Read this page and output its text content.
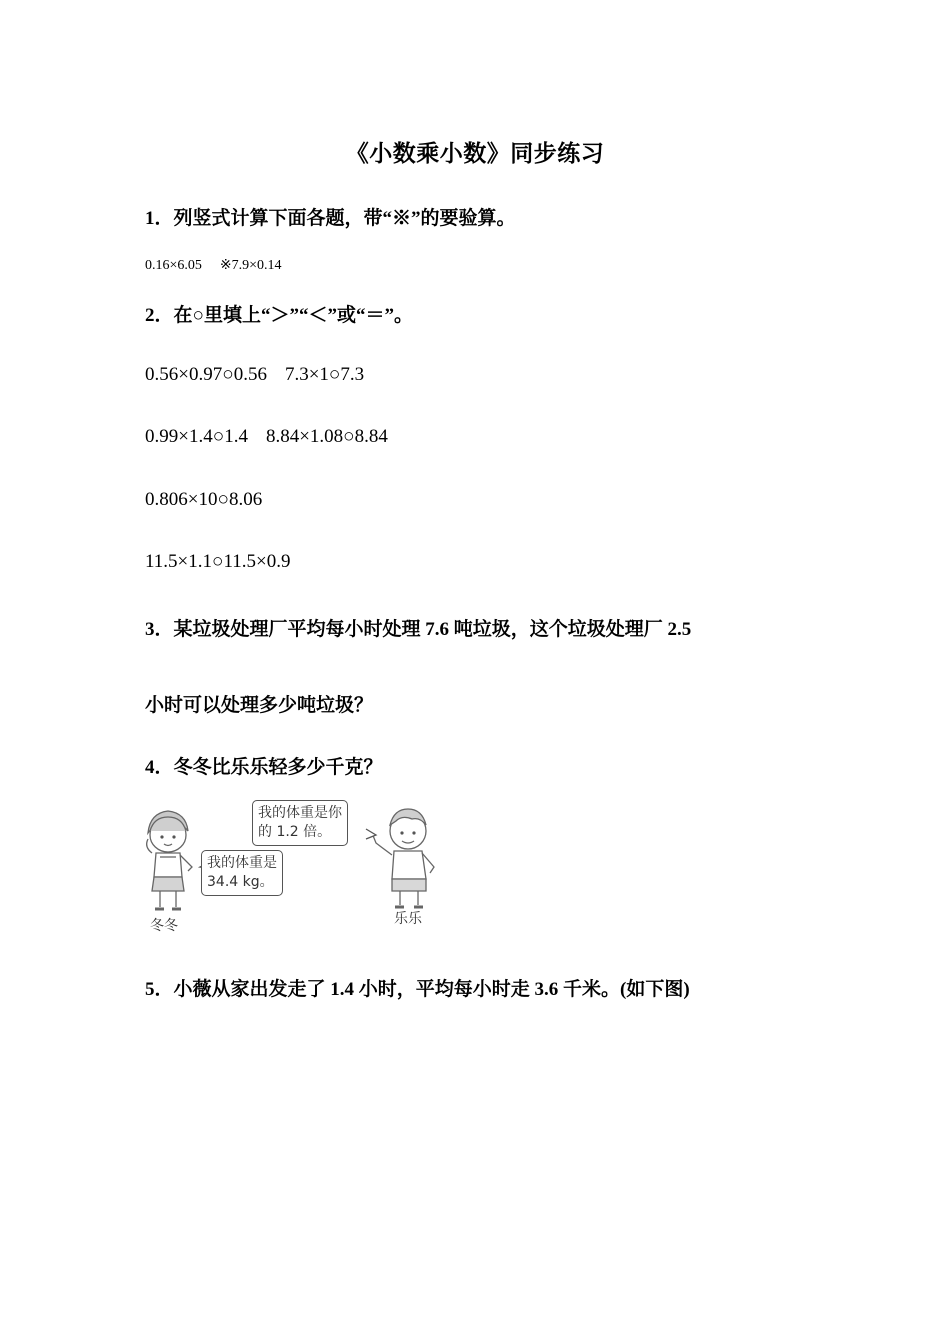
《小数乘小数》同步练习
1．列竖式计算下面各题，带“※”的要验算。
0.16×6.05 ※7.9×0.14
2．在○里填上“＞”“＜”或“＝”。
0.56×0.97○0.56 7.3×1○7.3
0.99×1.4○1.4 8.84×1.08○8.84
0.806×10○8.06
11.5×1.1○11.5×0.9
3．某垃圾处理厂平均每小时处理 7.6 吨垃圾，这个垃圾处理厂 2.5
小时可以处理多少吨垃圾？
4．冬冬比乐乐轻多少千克？
我的体重是你
的 1.2 倍。
我的体重是
34.4 kg。
冬冬	乐乐
5．小薇从家出发走了 1.4 小时，平均每小时走 3.6 千米。(如下图)
